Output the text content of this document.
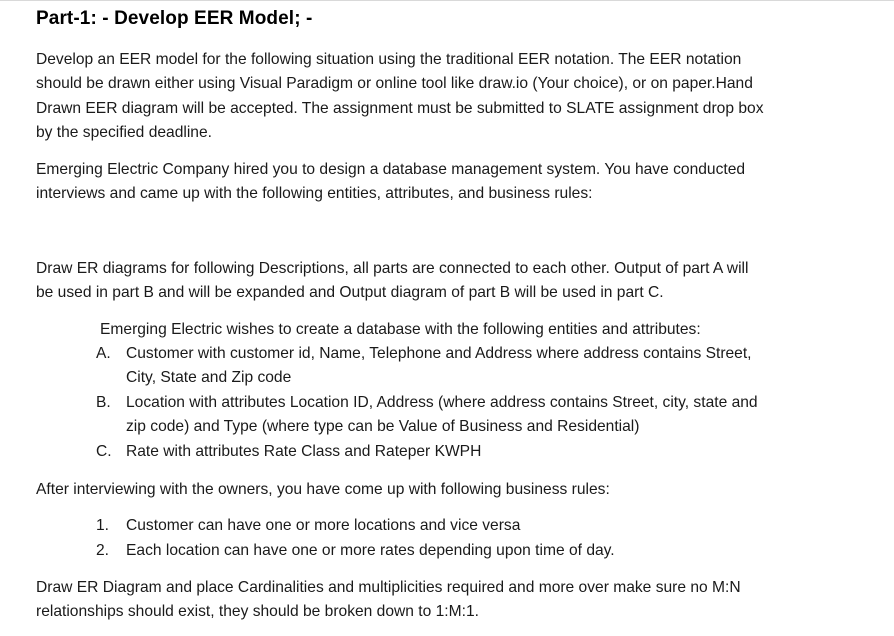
Part-1: - Develop EER Model; -

Develop an EER model for the following situation using the traditional EER notation. The EER notation
should be drawn either using Visual Paradigm or online tool like draw.io (Your choice), or on paper.Hand
Drawn EER diagram will be accepted. The assignment must be submitted to SLATE assignment drop box
by the specified deadline.

Emerging Electric Company hired you to design a database management system. You have conducted
interviews and came up with the following entities, attributes, and business rules:

Draw ER diagrams for following Descriptions, all parts are connected to each other. Output of part A will
be used in part B and will be expanded and Output diagram of part B will be used in part C.

Emerging Electric wishes to create a database with the following entities and attributes:

A. Customer with customer id, Name, Telephone and Address where address contains Street,
City, State and Zip code
B. Location with attributes Location ID, Address (where address contains Street, city, state and
zip code) and Type (where type can be Value of Business and Residential)
C. Rate with attributes Rate Class and Rateper KWPH

After interviewing with the owners, you have come up with following business rules:

1. Customer can have one or more locations and vice versa
2. Each location can have one or more rates depending upon time of day.

Draw ER Diagram and place Cardinalities and multiplicities required and more over make sure no M:N
relationships should exist, they should be broken down to 1:M:1.
